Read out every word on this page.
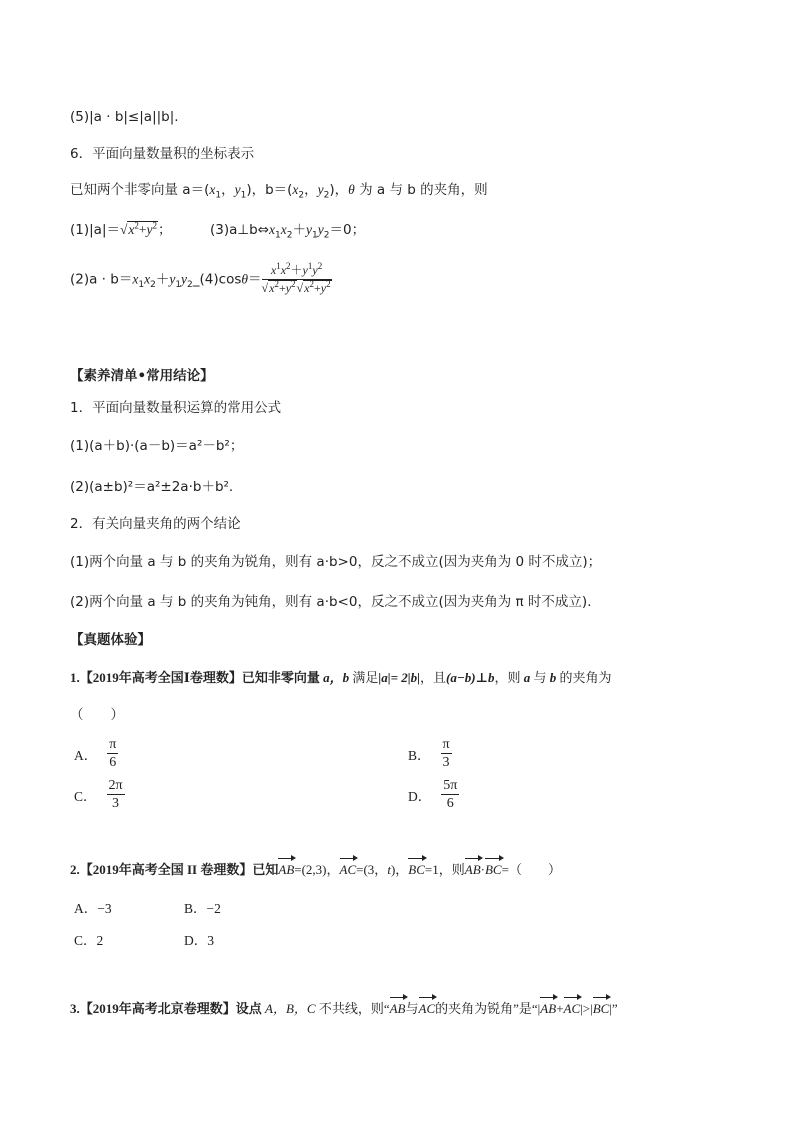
(5)|a · b|≤|a||b|.
6．平面向量数量积的坐标表示
已知两个非零向量 $a=(x_1$，$y_1$)，$b=(x_2$，$y_2$)，θ 为 a 与 b 的夹角，则
$(1)|a|=√x^2+y^2$；	$(3)a\perp b\Leftrightarrow x_1x_2+y_1y_2=0$；
$(2)a \cdot b=x_1x_2+y_1y_2\_(4)\cos\theta= \frac{x^1x^2+y^1y^2}{√x^2+y^2√x^2+y^2}$
【素养清单•常用结论】
1．平面向量数量积运算的常用公式
(1)(a＋b)·(a－b)＝a²－b²；
(2)(a±b)²＝a²±2a·b＋b².
2．有关向量夹角的两个结论
(1)两个向量 a 与 b 的夹角为锐角，则有 a·b>0，反之不成立(因为夹角为 0 时不成立)；
(2)两个向量 a 与 b 的夹角为钝角，则有 a·b<0，反之不成立(因为夹角为 π 时不成立).
【真题体验】
1.【2019年高考全国Ⅰ卷理数】已知非零向量 a，b 满足|a|= 2|b|，且(a−b)⊥b，则 a 与 b 的夹角为
（　　）
A． $\frac{\pi}{6}$	B． $\frac{\pi}{3}$
C． $\frac{2\pi}{3}$	D． $\frac{5\pi}{6}$
2.【2019年高考全国 II 卷理数】已知AB=(2,3)，AC=(3，t)，BC=1，则AB·BC=（　　）
A．−3	B．−2
C．2	D．3
3.【2019年高考北京卷理数】设点 A，B，C 不共线，则“AB与AC的夹角为锐角”是“|AB+AC|>|BC|”
